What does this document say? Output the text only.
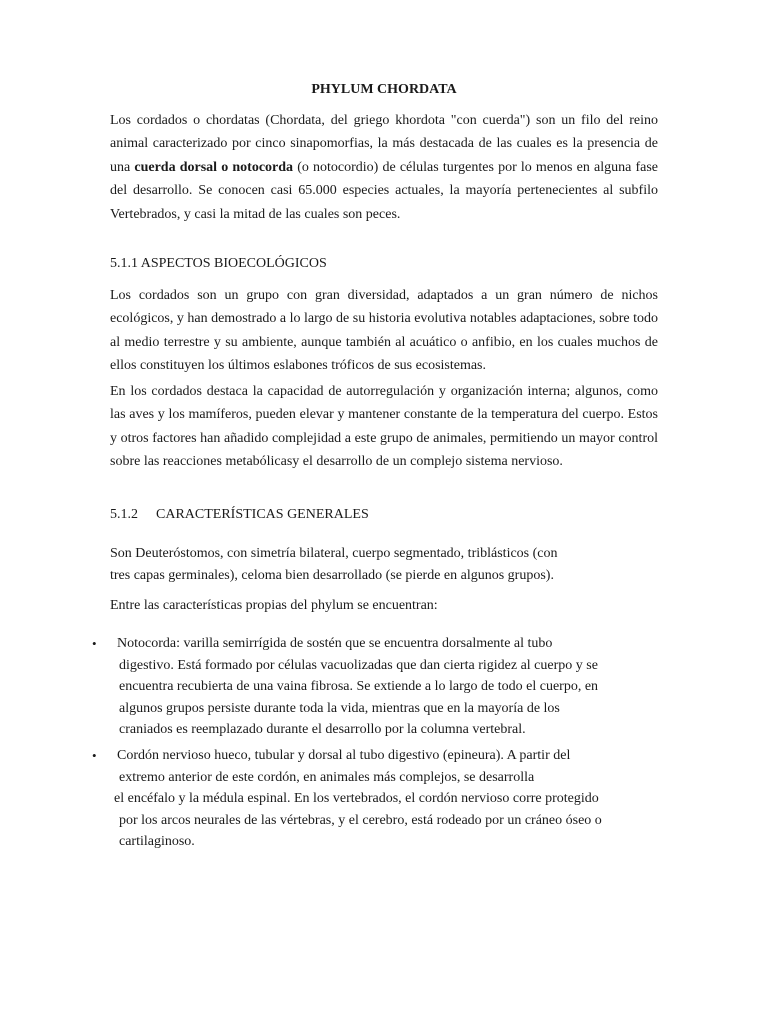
PHYLUM CHORDATA

Los cordados o chordatas (Chordata, del griego khordota "con cuerda") son un filo del reino animal caracterizado por cinco sinapomorfias, la más destacada de las cuales es la presencia de una cuerda dorsal o notocorda (o notocordio) de células turgentes por lo menos en alguna fase del desarrollo. Se conocen casi 65.000 especies actuales, la mayoría pertenecientes al subfilo Vertebrados, y casi la mitad de las cuales son peces.

5.1.1 ASPECTOS BIOECOLÓGICOS

Los cordados son un grupo con gran diversidad, adaptados a un gran número de nichos ecológicos, y han demostrado a lo largo de su historia evolutiva notables adaptaciones, sobre todo al medio terrestre y su ambiente, aunque también al acuático o anfibio, en los cuales muchos de ellos constituyen los últimos eslabones tróficos de sus ecosistemas.

En los cordados destaca la capacidad de autorregulación y organización interna; algunos, como las aves y los mamíferos, pueden elevar y mantener constante de la temperatura del cuerpo. Estos y otros factores han añadido complejidad a este grupo de animales, permitiendo un mayor control sobre las reacciones metabólicasy el desarrollo de un complejo sistema nervioso.

5.1.2 CARACTERÍSTICAS GENERALES
Son Deuteróstomos, con simetría bilateral, cuerpo segmentado, triblásticos (con
tres capas germinales), celoma bien desarrollado (se pierde en algunos grupos).
Entre las características propias del phylum se encuentran:
•	Notocorda: varilla semirrígida de sostén que se encuentra dorsalmente al tubo
digestivo. Está formado por células vacuolizadas que dan cierta rigidez al cuerpo y se
encuentra recubierta de una vaina fibrosa. Se extiende a lo largo de todo el cuerpo, en
algunos grupos persiste durante toda la vida, mientras que en la mayoría de los
craniados es reemplazado durante el desarrollo por la columna vertebral.
•	Cordón nervioso hueco, tubular y dorsal al tubo digestivo (epineura). A partir del
extremo anterior de este cordón, en animales más complejos, se desarrolla
el encéfalo y la médula espinal. En los vertebrados, el cordón nervioso corre protegido
por los arcos neurales de las vértebras, y el cerebro, está rodeado por un cráneo óseo o
cartilaginoso.
